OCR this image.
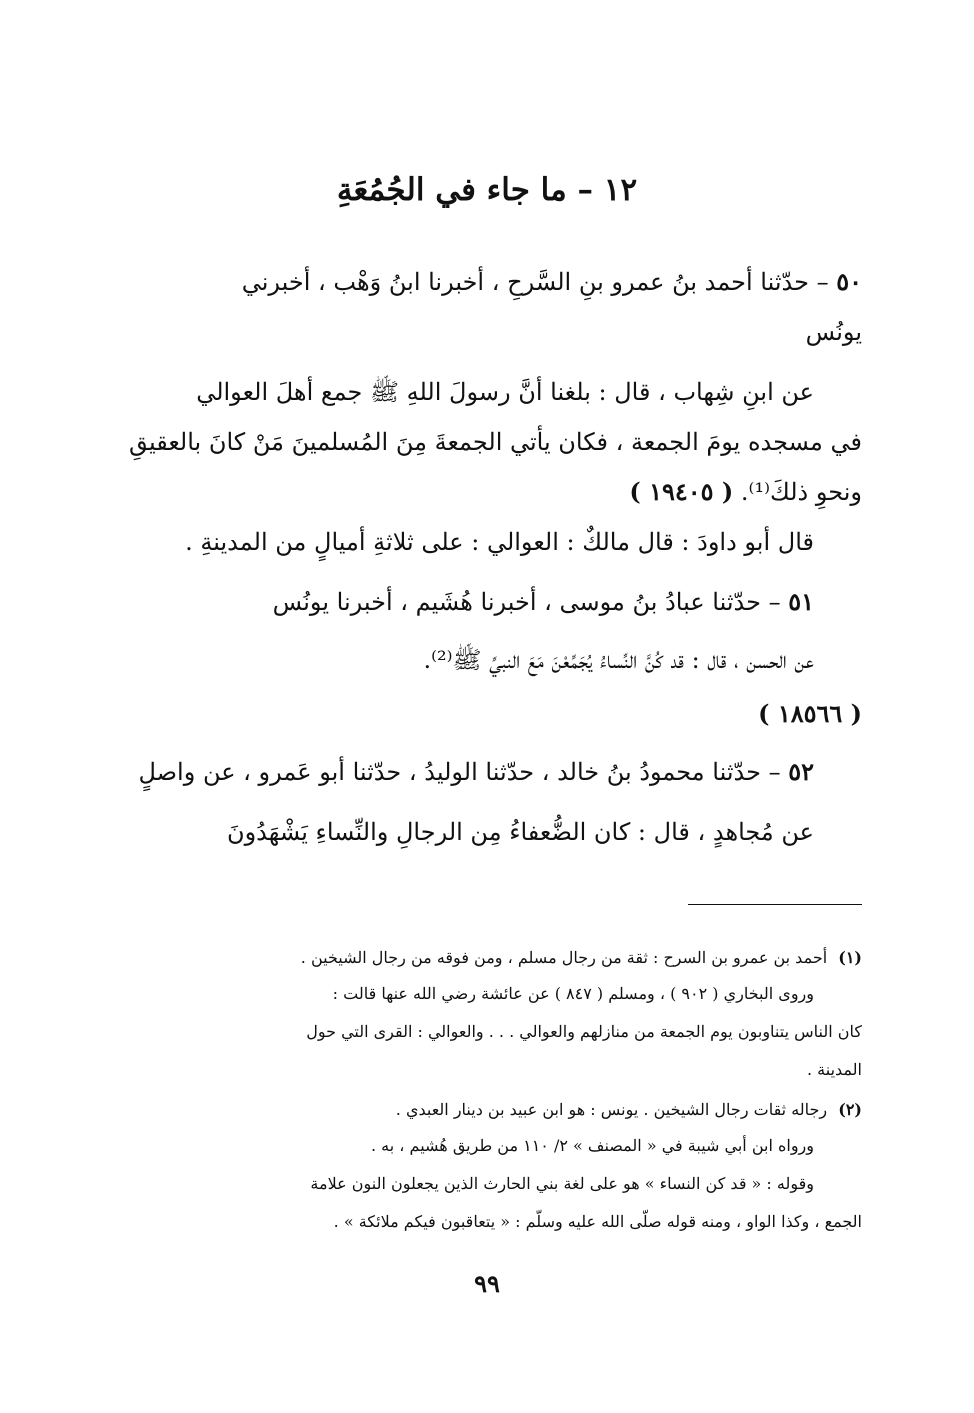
١٢ – ما جاء في الجُمُعَةِ
٥٠ – حدّثنا أحمد بنُ عمرو بنِ السَّرحِ ، أخبرنا ابنُ وَهْب ، أخبرني
يونُس
عن ابنِ شِهاب ، قال : بلغنا أنَّ رسولَ اللهِ ﷺ جمع أهلَ العوالي
في مسجده يومَ الجمعة ، فكان يأتي الجمعةَ مِنَ المُسلمينَ مَنْ كانَ بالعقيقِ
ونحوِ ذلكَ⁽¹⁾. ( ١٩٤٠٥ )
قال أبو داودَ : قال مالكٌ : العوالي : على ثلاثةِ أميالٍ من المدينةِ .
٥١ – حدّثنا عبادُ بنُ موسى ، أخبرنا هُشَيم ، أخبرنا يونُس
عن الحسن ، قال : قد كُنَّ النِّساءُ يُجَمِّعْنَ مَعَ النبيِّ ﷺ⁽²⁾.
( ١٨٥٦٦ )
٥٢ – حدّثنا محمودُ بنُ خالد ، حدّثنا الوليدُ ، حدّثنا أبو عَمرو ، عن واصلٍ
عن مُجاهدٍ ، قال : كان الضُّعفاءُ مِن الرجالِ والنِّساءِ يَشْهَدُونَ
(١) أحمد بن عمرو بن السرح : ثقة من رجال مسلم ، ومن فوقه من رجال الشيخين .
وروى البخاري ( ٩٠٢ ) ، ومسلم ( ٨٤٧ ) عن عائشة رضي الله عنها قالت :
كان الناس يتناوبون يوم الجمعة من منازلهم والعوالي . . . والعوالي : القرى التي حول
المدينة .
(٢) رجاله ثقات رجال الشيخين . يونس : هو ابن عبيد بن دينار العبدي .
ورواه ابن أبي شيبة في « المصنف » ٢/ ١١٠ من طريق هُشيم ، به .
وقوله : « قد كن النساء » هو على لغة بني الحارث الذين يجعلون النون علامة
الجمع ، وكذا الواو ، ومنه قوله صلّى الله عليه وسلّم : « يتعاقبون فيكم ملائكة » .
٩٩
